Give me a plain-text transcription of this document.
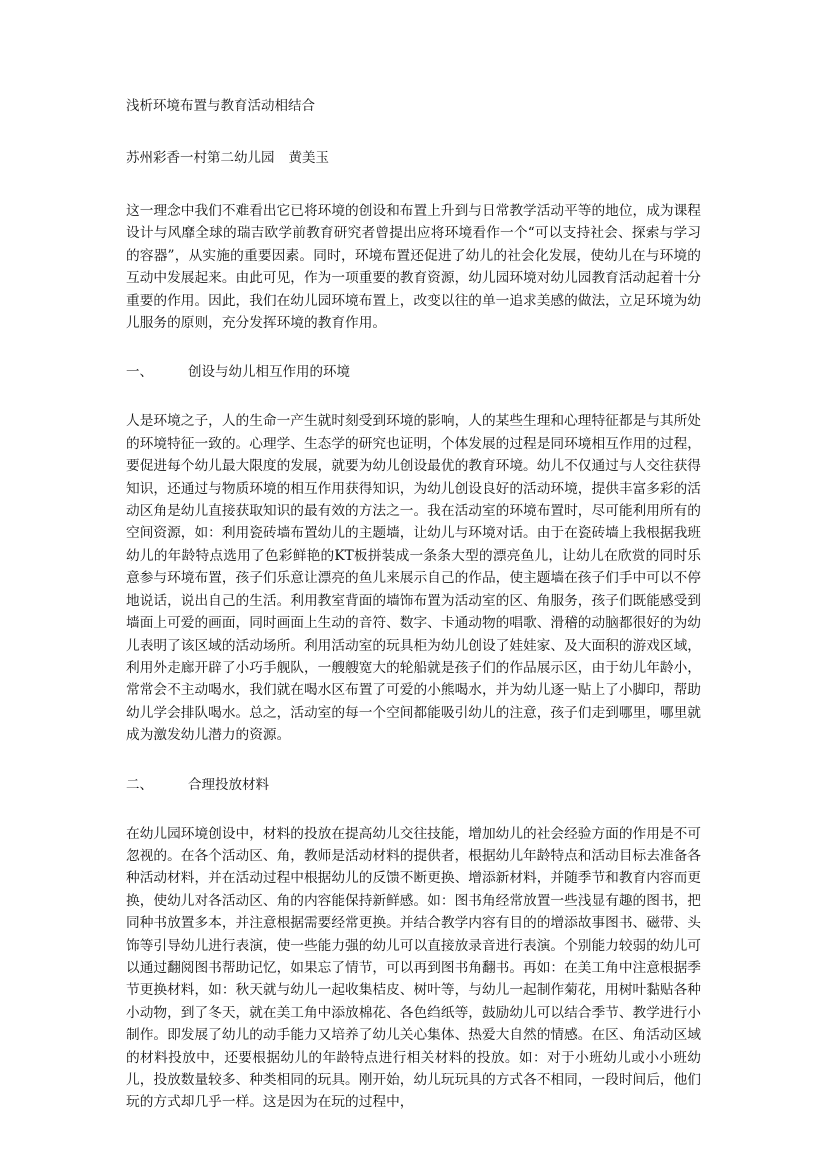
浅析环境布置与教育活动相结合
苏州彩香一村第二幼儿园 黄美玉

这一理念中我们不难看出它已将环境的创设和布置上升到与日常教学活动平等的地位，成为课程设计与风靡全球的瑞吉欧学前教育研究者曾提出应将环境看作一个“可以支持社会、探索与学习的容器”，从实施的重要因素。同时，环境布置还促进了幼儿的社会化发展，使幼儿在与环境的互动中发展起来。由此可见，作为一项重要的教育资源，幼儿园环境对幼儿园教育活动起着十分重要的作用。因此，我们在幼儿园环境布置上，改变以往的单一追求美感的做法，立足环境为幼儿服务的原则，充分发挥环境的教育作用。

一、	创设与幼儿相互作用的环境

人是环境之子，人的生命一产生就时刻受到环境的影响，人的某些生理和心理特征都是与其所处的环境特征一致的。心理学、生态学的研究也证明，个体发展的过程是同环境相互作用的过程，要促进每个幼儿最大限度的发展，就要为幼儿创设最优的教育环境。幼儿不仅通过与人交往获得知识，还通过与物质环境的相互作用获得知识，为幼儿创设良好的活动环境，提供丰富多彩的活动区角是幼儿直接获取知识的最有效的方法之一。我在活动室的环境布置时，尽可能利用所有的空间资源，如：利用瓷砖墙布置幼儿的主题墙，让幼儿与环境对话。由于在瓷砖墙上我根据我班幼儿的年龄特点选用了色彩鲜艳的KT板拼装成一条条大型的漂亮鱼儿，让幼儿在欣赏的同时乐意参与环境布置，孩子们乐意让漂亮的鱼儿来展示自己的作品，使主题墙在孩子们手中可以不停地说话，说出自己的生活。利用教室背面的墙饰布置为活动室的区、角服务，孩子们既能感受到墙面上可爱的画面，同时画面上生动的音符、数字、卡通动物的唱歌、滑稽的动脑都很好的为幼儿表明了该区域的活动场所。利用活动室的玩具柜为幼儿创设了娃娃家、及大面积的游戏区域，利用外走廊开辟了小巧手舰队，一艘艘宽大的轮船就是孩子们的作品展示区，由于幼儿年龄小，常常会不主动喝水，我们就在喝水区布置了可爱的小熊喝水，并为幼儿逐一贴上了小脚印，帮助幼儿学会排队喝水。总之，活动室的每一个空间都能吸引幼儿的注意，孩子们走到哪里，哪里就成为激发幼儿潜力的资源。

二、	合理投放材料

在幼儿园环境创设中，材料的投放在提高幼儿交往技能，增加幼儿的社会经验方面的作用是不可忽视的。在各个活动区、角，教师是活动材料的提供者，根据幼儿年龄特点和活动目标去准备各种活动材料，并在活动过程中根据幼儿的反馈不断更换、增添新材料，并随季节和教育内容而更换，使幼儿对各活动区、角的内容能保持新鲜感。如：图书角经常放置一些浅显有趣的图书，把同种书放置多本，并注意根据需要经常更换。并结合教学内容有目的的增添故事图书、磁带、头饰等引导幼儿进行表演，使一些能力强的幼儿可以直接放录音进行表演。个别能力较弱的幼儿可以通过翻阅图书帮助记忆，如果忘了情节，可以再到图书角翻书。再如：在美工角中注意根据季节更换材料，如：秋天就与幼儿一起收集桔皮、树叶等，与幼儿一起制作菊花，用树叶黏贴各种小动物，到了冬天，就在美工角中添放棉花、各色绉纸等，鼓励幼儿可以结合季节、教学进行小制作。即发展了幼儿的动手能力又培养了幼儿关心集体、热爱大自然的情感。在区、角活动区域的材料投放中，还要根据幼儿的年龄特点进行相关材料的投放。如：对于小班幼儿或小小班幼儿，投放数量较多、种类相同的玩具。刚开始，幼儿玩玩具的方式各不相同，一段时间后，他们玩的方式却几乎一样。这是因为在玩的过程中，
